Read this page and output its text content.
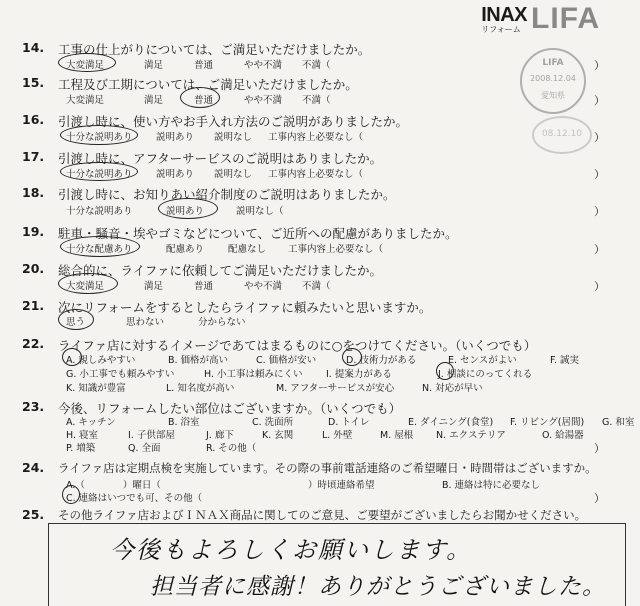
INAX
リフォーム LIFA
LIFA
2008.12.04
愛知県
08.12.10
14. 工事の仕上がりについては、ご満足いただけましたか。
大変満足	満足	普通	やや不満 不満（	）
15. 工程及び工期については、ご満足いただけましたか。
大変満足	満足	普通	やや不満 不満（	）
16. 引渡し時に、使い方やお手入れ方法のご説明がありましたか。
十分な説明あり 説明あり 説明なし 工事内容上必要なし（	）
17. 引渡し時に、アフターサービスのご説明はありましたか。
十分な説明あり 説明あり 説明なし 工事内容上必要なし（	）
18. 引渡し時に、お知りあい紹介制度のご説明はありましたか。
十分な説明あり	説明あり	説明なし（	）
19. 駐車・騒音・埃やゴミなどについて、ご近所への配慮がありましたか。
十分な配慮あり	配慮あり	配慮なし 工事内容上必要なし（	）
20. 総合的に、ライファに依頼してご満足いただけましたか。
大変満足	満足	普通	やや不満 不満（	）
21. 次にリフォームをするとしたらライファに頼みたいと思いますか。
思う	思わない	分からない
22. ライファ店に対するイメージであてはまるものに○をつけてください。（いくつでも）
A. 親しみやすい	B. 価格が高い	C. 価格が安い	D. 技術力がある	E. センスがよい	F. 誠実
G. 小工事でも頼みやすい	H. 小工事は頼みにくい I. 提案力がある	J. 相談にのってくれる
K. 知識が豊富	L. 知名度が高い	M. アフターサービスが安心	N. 対応が早い
23. 今後、リフォームしたい部位はございますか。（いくつでも）
A. キッチン	B. 浴室	C. 洗面所	D. トイレ	E. ダイニング(食堂) F. リビング(居間) G. 和室
H. 寝室	I. 子供部屋	J. 廊下	K. 玄関	L. 外壁	M. 屋根 N. エクステリア	O. 給湯器
P. 増築	Q. 全面	R. その他（	）
24. ライファ店は定期点検を実施しています。その際の事前電話連絡のご希望曜日・時間帯はございますか。
A.（　　　　）曜日（	）時頃連絡希望	B. 連絡は特に必要なし
C. 連絡はいつでも可、その他（	）
25. その他ライファ店およびＩＮＡＸ商品に関してのご意見、ご要望がございましたらお聞かせください。
今後もよろしくお願いします。
担当者に感謝！ありがとうございました。
